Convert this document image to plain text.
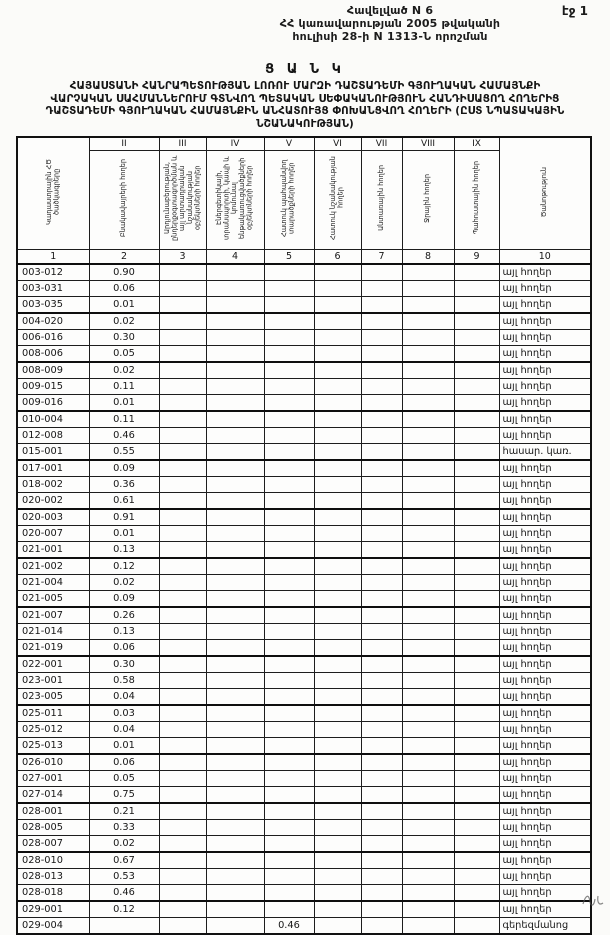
Հավելված N 6
ՀՀ կառավարության 2005 թվականի
հուլիսի 28-ի N 1313-Ն որոշման
էջ 1
Ց Ա Ն Կ
ՀԱՅԱՍՏԱՆԻ ՀԱՆՐԱՊԵՏՈՒԹՅԱՆ ԼՈՌՈՒ ՄԱՐԶԻ ԴԱՇՏԱԴԵՄԻ ԳՅՈՒՂԱԿԱՆ ՀԱՄԱՅՆՔԻ
ՎԱՐՉԱԿԱՆ ՍԱՀՄԱՆՆԵՐՈՒՄ ԳՏՆՎՈՂ ՊԵՏԱԿԱՆ ՍԵՓԱԿԱՆՈՒԹՅՈՒՆ ՀԱՆԴԻՍԱՑՈՂ ՀՈՂԵՐԻՑ
ԴԱՇՏԱԴԵՄԻ ԳՅՈՒՂԱԿԱՆ ՀԱՄԱՅՆՔԻՆ ԱՆՀԱՏՈՒՅՑ ՓՈԽԱՆՑՎՈՂ ՀՈՂԵՐԻ (ԸՍՏ ՆՊԱՏԱԿԱՅԻՆ
ՆՇԱՆԱԿՈՒԹՅԱՆ)
Կադաստրային ՀԾ ծածկագրերը	II	III	IV	V	VI	VII	VIII	IX	Ծանոթություն
	Բնակավայրերի հողեր	Արդյունաբերության, ընդերքօգտագործման և այլ արտադրական նշանակության օբյեկտների հողեր	Էներգետիկայի, տրանսպորտի, կապի և կոմունալ ենթակառուցվածքների օբյեկտների հողեր	Հատուկ պահպանվող տարածքների հողեր	Հատուկ նշանակության հողեր	Անտառային հողեր	Ջրային հողեր	Պահուստային հողեր	
1	2	3	4	5	6	7	8	9	10
003-012	0.90								այլ հողեր
003-031	0.06								այլ հողեր
003-035	0.01								այլ հողեր
004-020	0.02								այլ հողեր
006-016	0.30								այլ հողեր
008-006	0.05								այլ հողեր
008-009	0.02								այլ հողեր
009-015	0.11								այլ հողեր
009-016	0.01								այլ հողեր
010-004	0.11								այլ հողեր
012-008	0.46								այլ հողեր
015-001	0.55								հասար. կառ.
017-001	0.09								այլ հողեր
018-002	0.36								այլ հողեր
020-002	0.61								այլ հողեր
020-003	0.91								այլ հողեր
020-007	0.01								այլ հողեր
021-001	0.13								այլ հողեր
021-002	0.12								այլ հողեր
021-004	0.02								այլ հողեր
021-005	0.09								այլ հողեր
021-007	0.26								այլ հողեր
021-014	0.13								այլ հողեր
021-019	0.06								այլ հողեր
022-001	0.30								այլ հողեր
023-001	0.58								այլ հողեր
023-005	0.04								այլ հողեր
025-011	0.03								այլ հողեր
025-012	0.04								այլ հողեր
025-013	0.01								այլ հողեր
026-010	0.06								այլ հողեր
027-001	0.05								այլ հողեր
027-014	0.75								այլ հողեր
028-001	0.21								այլ հողեր
028-005	0.33								այլ հողեր
028-007	0.02								այլ հողեր
028-010	0.67								այլ հողեր
028-013	0.53								այլ հողեր
028-018	0.46								այլ հողեր
029-001	0.12								այլ հողեր
029-004				0.46					գերեզմանոց
